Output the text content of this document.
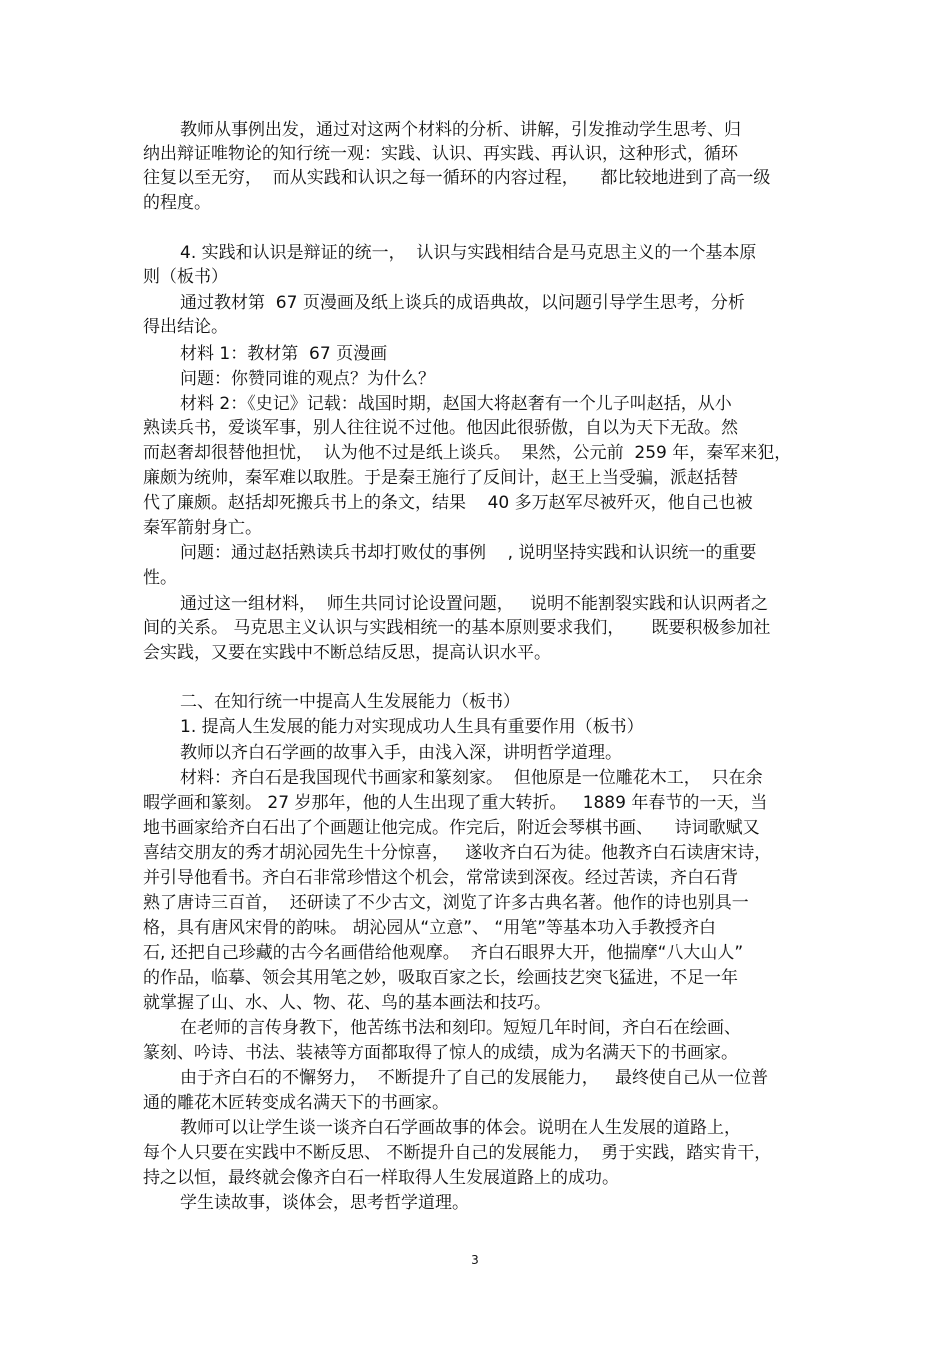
教师从事例出发，通过对这两个材料的分析、讲解，引发推动学生思考、归
纳出辩证唯物论的知行统一观：实践、认识、再实践、再认识，这种形式，循环
往复以至无穷，  而从实践和认识之每一循环的内容过程，    都比较地进到了高一级
的程度。
4. 实践和认识是辩证的统一，  认识与实践相结合是马克思主义的一个基本原
则（板书）
通过教材第  67 页漫画及纸上谈兵的成语典故，以问题引导学生思考，分析
得出结论。
材料 1：教材第  67 页漫画
问题：你赞同谁的观点？为什么？
材料 2：《史记》记载：战国时期，赵国大将赵奢有一个儿子叫赵括，从小
熟读兵书，爱谈军事，别人往往说不过他。他因此很骄傲，自以为天下无敌。然
而赵奢却很替他担忧，  认为他不过是纸上谈兵。  果然，公元前  259 年，秦军来犯，
廉颇为统帅，秦军难以取胜。于是秦王施行了反间计，赵王上当受骗，派赵括替
代了廉颇。赵括却死搬兵书上的条文，结果    40 多万赵军尽被歼灭，他自己也被
秦军箭射身亡。
问题：通过赵括熟读兵书却打败仗的事例    , 说明坚持实践和认识统一的重要
性。
通过这一组材料，  师生共同讨论设置问题，   说明不能割裂实践和认识两者之
间的关系。 马克思主义认识与实践相统一的基本原则要求我们，     既要积极参加社
会实践，又要在实践中不断总结反思，提高认识水平。
二、在知行统一中提高人生发展能力（板书）
1. 提高人生发展的能力对实现成功人生具有重要作用（板书）
教师以齐白石学画的故事入手，由浅入深，讲明哲学道理。
材料：齐白石是我国现代书画家和篆刻家。  但他原是一位雕花木工，  只在余
暇学画和篆刻。 27 岁那年，他的人生出现了重大转折。   1889 年春节的一天，当
地书画家给齐白石出了个画题让他完成。作完后，附近会琴棋书画、    诗词歌赋又
喜结交朋友的秀才胡沁园先生十分惊喜，   遂收齐白石为徒。他教齐白石读唐宋诗，
并引导他看书。齐白石非常珍惜这个机会，常常读到深夜。经过苦读，齐白石背
熟了唐诗三百首，  还研读了不少古文，浏览了许多古典名著。他作的诗也别具一
格，具有唐风宋骨的韵味。 胡沁园从“立意”、 “用笔”等基本功入手教授齐白
石, 还把自己珍藏的古今名画借给他观摩。  齐白石眼界大开，他揣摩“八大山人”
的作品，临摹、领会其用笔之妙，吸取百家之长，绘画技艺突飞猛进，不足一年
就掌握了山、水、人、物、花、鸟的基本画法和技巧。
在老师的言传身教下，他苦练书法和刻印。短短几年时间，齐白石在绘画、
篆刻、吟诗、书法、装裱等方面都取得了惊人的成绩，成为名满天下的书画家。
由于齐白石的不懈努力，  不断提升了自己的发展能力，   最终使自己从一位普
通的雕花木匠转变成名满天下的书画家。
教师可以让学生谈一谈齐白石学画故事的体会。说明在人生发展的道路上，
每个人只要在实践中不断反思、 不断提升自己的发展能力，  勇于实践，踏实肯干，
持之以恒，最终就会像齐白石一样取得人生发展道路上的成功。
学生读故事，谈体会，思考哲学道理。
3
